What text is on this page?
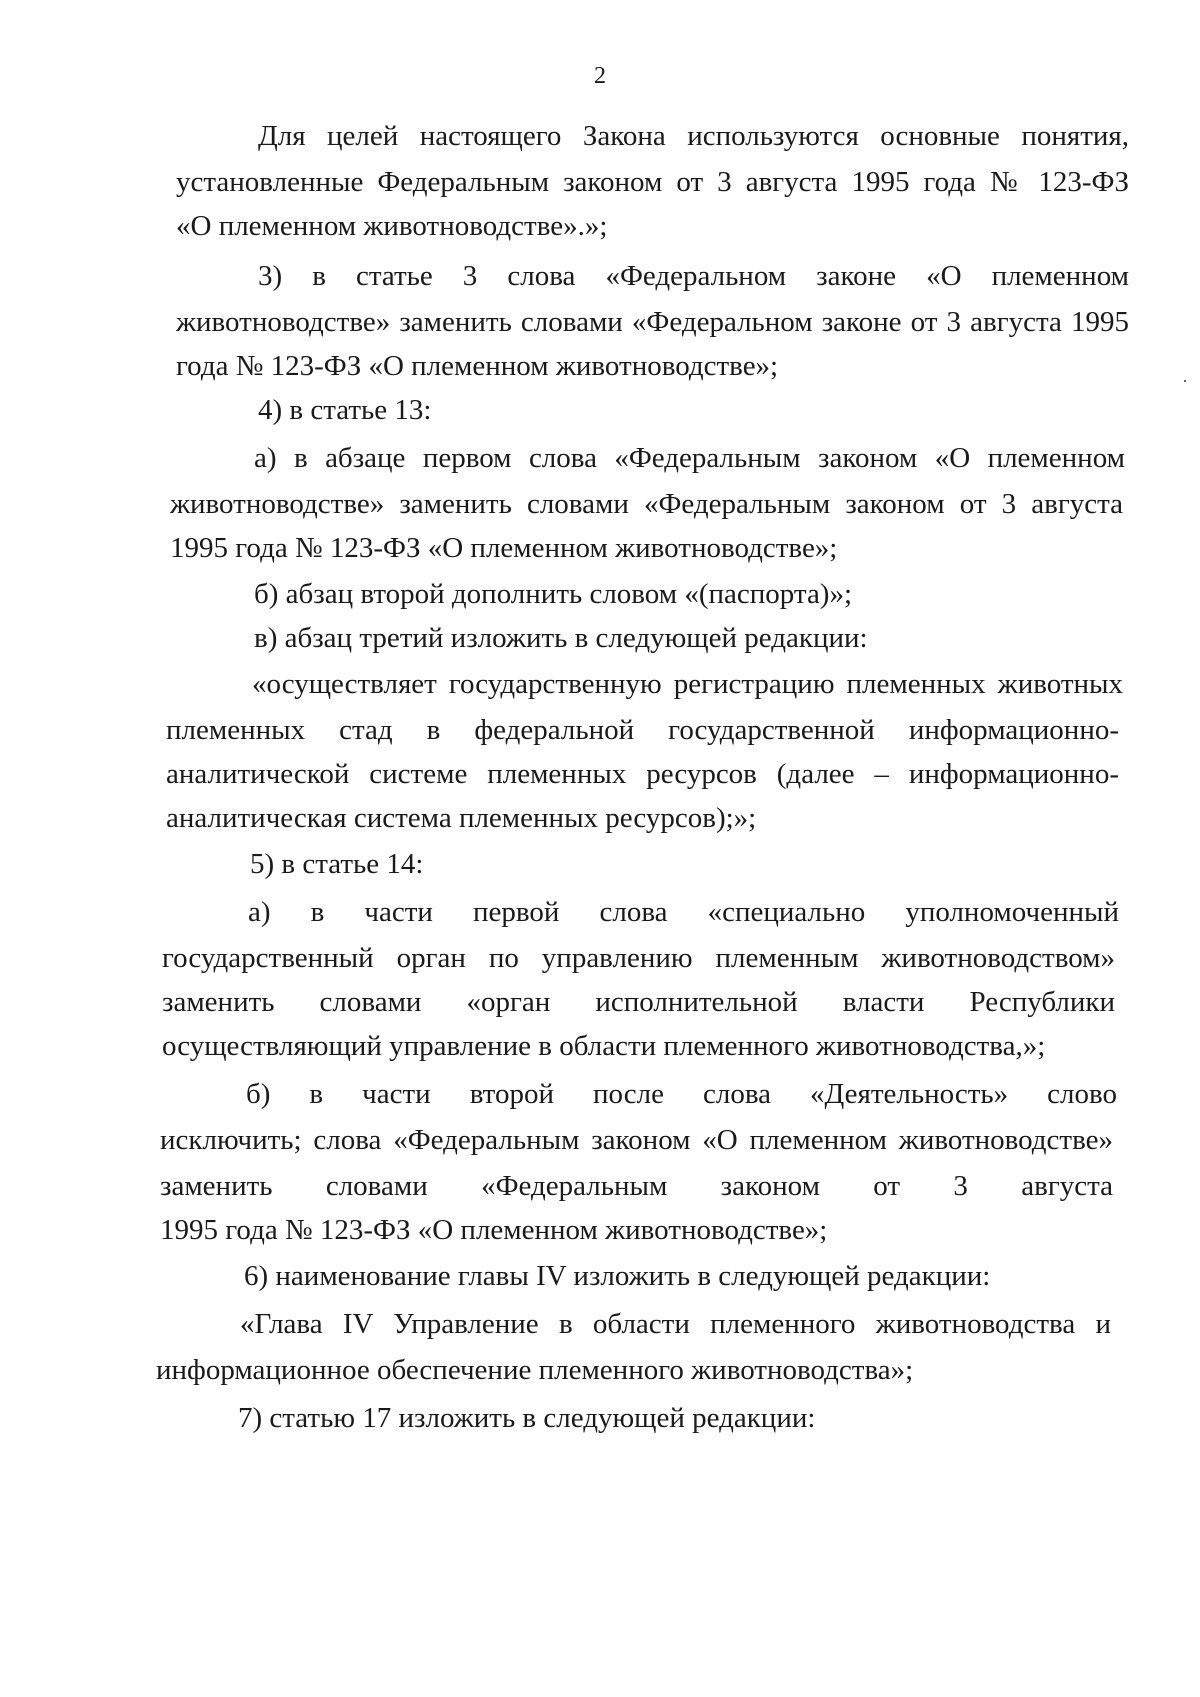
2
Для целей настоящего Закона используются основные понятия,
установленные Федеральным законом от 3 августа 1995 года № 123-ФЗ
«О племенном животноводстве».»;
3) в статье 3 слова «Федеральном законе «О племенном
животноводстве» заменить словами «Федеральном законе от 3 августа 1995
года № 123-ФЗ «О племенном животноводстве»;
4) в статье 13:
а) в абзаце первом слова «Федеральным законом «О племенном
животноводстве» заменить словами «Федеральным законом от 3 августа
1995 года № 123-ФЗ «О племенном животноводстве»;
б) абзац второй дополнить словом «(паспорта)»;
в) абзац третий изложить в следующей редакции:
«осуществляет государственную регистрацию племенных животных
племенных стад в федеральной государственной информационно-
аналитической системе племенных ресурсов (далее – информационно-
аналитическая система племенных ресурсов);»;
5) в статье 14:
а) в части первой слова «специально уполномоченный
государственный орган по управлению племенным животноводством»
заменить словами «орган исполнительной власти Республики
осуществляющий управление в области племенного животноводства,»;
б) в части второй после слова «Деятельность» слово
исключить; слова «Федеральным законом «О племенном животноводстве»
заменить словами «Федеральным законом от 3 августа
1995 года № 123-ФЗ «О племенном животноводстве»;
6) наименование главы IV изложить в следующей редакции:
«Глава IV Управление в области племенного животноводства и
информационное обеспечение племенного животноводства»;
7) статью 17 изложить в следующей редакции:
